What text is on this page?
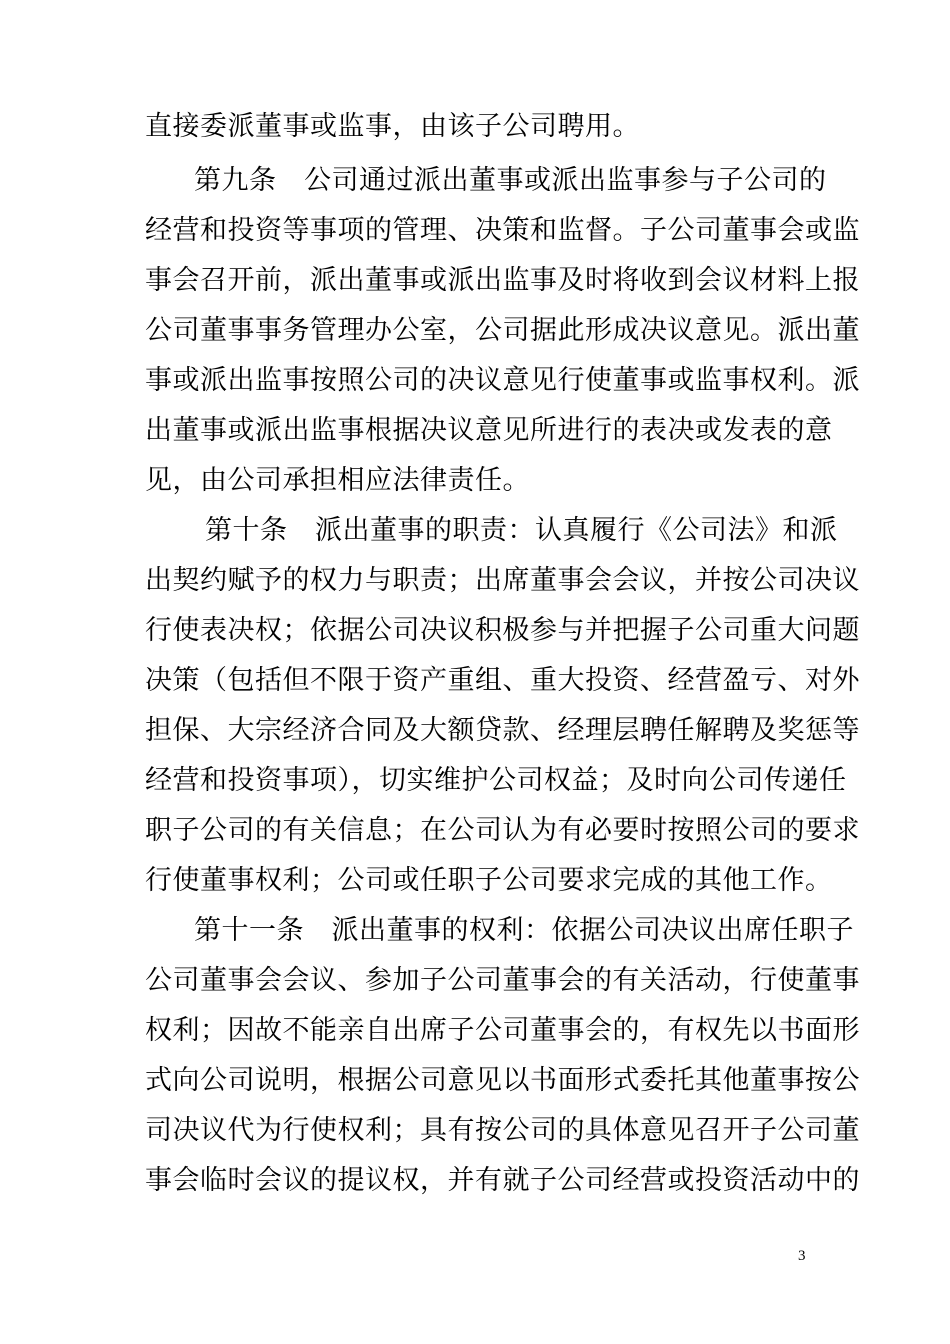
直接委派董事或监事，由该子公司聘用。
第九条　公司通过派出董事或派出监事参与子公司的
经营和投资等事项的管理、决策和监督。子公司董事会或监
事会召开前，派出董事或派出监事及时将收到会议材料上报
公司董事事务管理办公室，公司据此形成决议意见。派出董
事或派出监事按照公司的决议意见行使董事或监事权利。派
出董事或派出监事根据决议意见所进行的表决或发表的意
见，由公司承担相应法律责任。
第十条　派出董事的职责：认真履行《公司法》和派
出契约赋予的权力与职责；出席董事会会议，并按公司决议
行使表决权；依据公司决议积极参与并把握子公司重大问题
决策（包括但不限于资产重组、重大投资、经营盈亏、对外
担保、大宗经济合同及大额贷款、经理层聘任解聘及奖惩等
经营和投资事项），切实维护公司权益；及时向公司传递任
职子公司的有关信息；在公司认为有必要时按照公司的要求
行使董事权利；公司或任职子公司要求完成的其他工作。
第十一条　派出董事的权利：依据公司决议出席任职子
公司董事会会议、参加子公司董事会的有关活动，行使董事
权利；因故不能亲自出席子公司董事会的，有权先以书面形
式向公司说明，根据公司意见以书面形式委托其他董事按公
司决议代为行使权利；具有按公司的具体意见召开子公司董
事会临时会议的提议权，并有就子公司经营或投资活动中的
3
